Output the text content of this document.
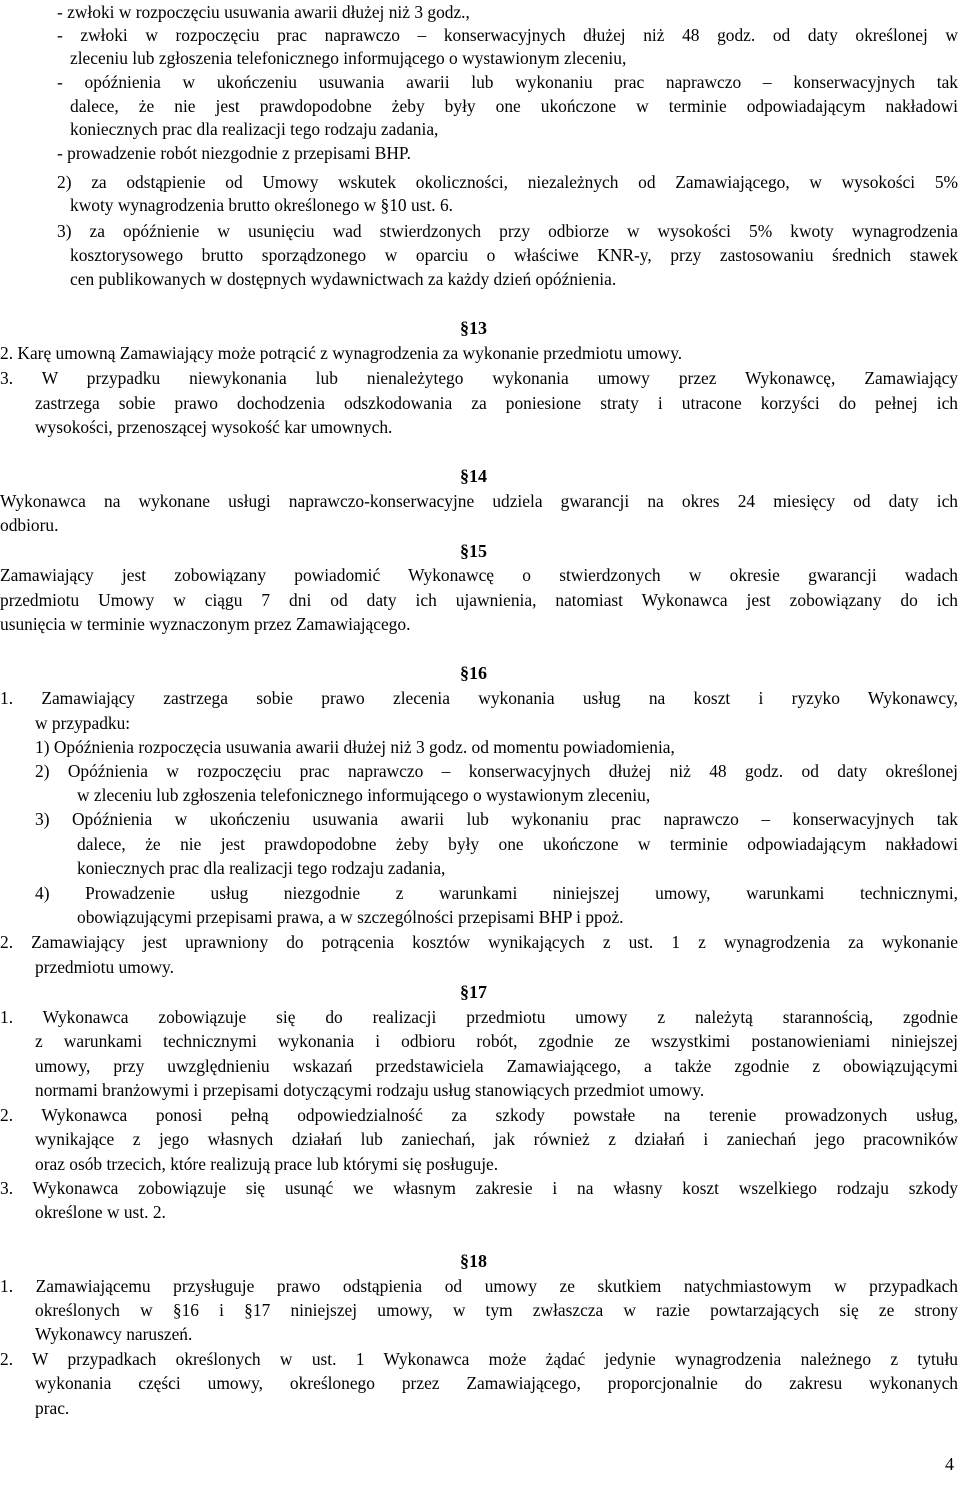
- zwłoki w rozpoczęciu usuwania awarii dłużej niż 3 godz.,
- zwłoki w rozpoczęciu prac naprawczo – konserwacyjnych dłużej niż 48 godz. od daty określonej w
zleceniu lub zgłoszenia telefonicznego informującego o wystawionym zleceniu,
- opóźnienia w ukończeniu usuwania awarii lub wykonaniu prac naprawczo – konserwacyjnych tak
dalece, że nie jest prawdopodobne żeby były one ukończone w terminie odpowiadającym nakładowi
koniecznych prac dla realizacji tego rodzaju zadania,
- prowadzenie robót niezgodnie z przepisami BHP.
2) za odstąpienie od Umowy wskutek okoliczności, niezależnych od Zamawiającego, w wysokości 5%
kwoty wynagrodzenia brutto określonego w §10 ust. 6.
3) za opóźnienie w usunięciu wad stwierdzonych przy odbiorze w wysokości 5% kwoty wynagrodzenia
kosztorysowego brutto sporządzonego w oparciu o właściwe KNR-y, przy zastosowaniu średnich stawek
cen publikowanych w dostępnych wydawnictwach za każdy dzień opóźnienia.
§13
2. Karę umowną Zamawiający może potrącić z wynagrodzenia za wykonanie przedmiotu umowy.
3. W przypadku niewykonania lub nienależytego wykonania umowy przez Wykonawcę, Zamawiający
zastrzega sobie prawo dochodzenia odszkodowania za poniesione straty i utracone korzyści do pełnej ich
wysokości, przenoszącej wysokość kar umownych.
§14
Wykonawca na wykonane usługi naprawczo-konserwacyjne udziela gwarancji na okres 24 miesięcy od daty ich
odbioru.
§15
Zamawiający jest zobowiązany powiadomić Wykonawcę o stwierdzonych w okresie gwarancji wadach
przedmiotu Umowy w ciągu 7 dni od daty ich ujawnienia, natomiast Wykonawca jest zobowiązany do ich
usunięcia w terminie wyznaczonym przez Zamawiającego.
§16
1. Zamawiający zastrzega sobie prawo zlecenia wykonania usług na koszt i ryzyko Wykonawcy,
w przypadku:
1) Opóźnienia rozpoczęcia usuwania awarii dłużej niż 3 godz. od momentu powiadomienia,
2) Opóźnienia w rozpoczęciu prac naprawczo – konserwacyjnych dłużej niż 48 godz. od daty określonej
w zleceniu lub zgłoszenia telefonicznego informującego o wystawionym zleceniu,
3) Opóźnienia w ukończeniu usuwania awarii lub wykonaniu prac naprawczo – konserwacyjnych tak
dalece, że nie jest prawdopodobne żeby były one ukończone w terminie odpowiadającym nakładowi
koniecznych prac dla realizacji tego rodzaju zadania,
4) Prowadzenie usług niezgodnie z warunkami niniejszej umowy, warunkami technicznymi,
obowiązującymi przepisami prawa, a w szczególności przepisami BHP i ppoż.
2. Zamawiający jest uprawniony do potrącenia kosztów wynikających z ust. 1 z wynagrodzenia za wykonanie
przedmiotu umowy.
§17
1. Wykonawca zobowiązuje się do realizacji przedmiotu umowy z należytą starannością, zgodnie
z warunkami technicznymi wykonania i odbioru robót, zgodnie ze wszystkimi postanowieniami niniejszej
umowy, przy uwzględnieniu wskazań przedstawiciela Zamawiającego, a także zgodnie z obowiązującymi
normami branżowymi i przepisami dotyczącymi rodzaju usług stanowiących przedmiot umowy.
2. Wykonawca ponosi pełną odpowiedzialność za szkody powstałe na terenie prowadzonych usług,
wynikające z jego własnych działań lub zaniechań, jak również z działań i zaniechań jego pracowników
oraz osób trzecich, które realizują prace lub którymi się posługuje.
3. Wykonawca zobowiązuje się usunąć we własnym zakresie i na własny koszt wszelkiego rodzaju szkody
określone w ust. 2.
§18
1. Zamawiającemu przysługuje prawo odstąpienia od umowy ze skutkiem natychmiastowym w przypadkach
określonych w §16 i §17 niniejszej umowy, w tym zwłaszcza w razie powtarzających się ze strony
Wykonawcy naruszeń.
2. W przypadkach określonych w ust. 1 Wykonawca może żądać jedynie wynagrodzenia należnego z tytułu
wykonania części umowy, określonego przez Zamawiającego, proporcjonalnie do zakresu wykonanych
prac.
4
